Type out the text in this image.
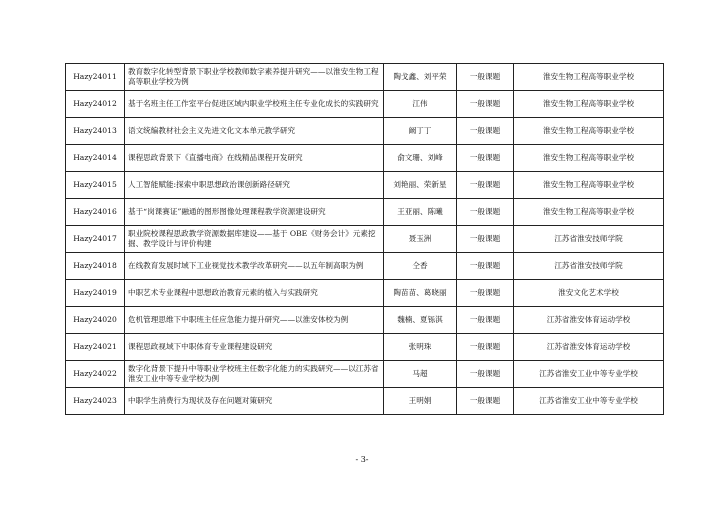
Hazy24011	教育数字化转型背景下职业学校教师数字素养提升研究——以淮安生物工程高等职业学校为例	陶戈鑫、刘平荣	一般课题	淮安生物工程高等职业学校
Hazy24012	基于名班主任工作室平台促进区域内职业学校班主任专业化成长的实践研究	江伟	一般课题	淮安生物工程高等职业学校
Hazy24013	语文统编教材社会主义先进文化文本单元教学研究	阚丁丁	一般课题	淮安生物工程高等职业学校
Hazy24014	课程思政背景下《直播电商》在线精品课程开发研究	俞文珊、刘峰	一般课题	淮安生物工程高等职业学校
Hazy24015	人工智能赋能:探索中职思想政治课创新路径研究	刘艳丽、荣新星	一般课题	淮安生物工程高等职业学校
Hazy24016	基于“岗课赛证”融通的图形图像处理课程教学资源建设研究	王亚丽、陈曦	一般课题	淮安生物工程高等职业学校
Hazy24017	职业院校课程思政教学资源数据库建设——基于 OBE《财务会计》元素挖掘、教学设计与评价构建	聂玉洲	一般课题	江苏省淮安技师学院
Hazy24018	在线教育发展时域下工业视觉技术教学改革研究——以五年制高职为例	仝香	一般课题	江苏省淮安技师学院
Hazy24019	中职艺术专业课程中思想政治教育元素的植入与实践研究	陶苗苗、葛晓丽	一般课题	淮安文化艺术学校
Hazy24020	危机管理思维下中职班主任应急能力提升研究——以淮安体校为例	魏楠、夏铄淇	一般课题	江苏省淮安体育运动学校
Hazy24021	课程思政视域下中职体育专业课程建设研究	张明珠	一般课题	江苏省淮安体育运动学校
Hazy24022	数字化背景下提升中等职业学校班主任数字化能力的实践研究——以江苏省淮安工业中等专业学校为例	马超	一般课题	江苏省淮安工业中等专业学校
Hazy24023	中职学生消费行为现状及存在问题对策研究	王明娟	一般课题	江苏省淮安工业中等专业学校
- 3-
